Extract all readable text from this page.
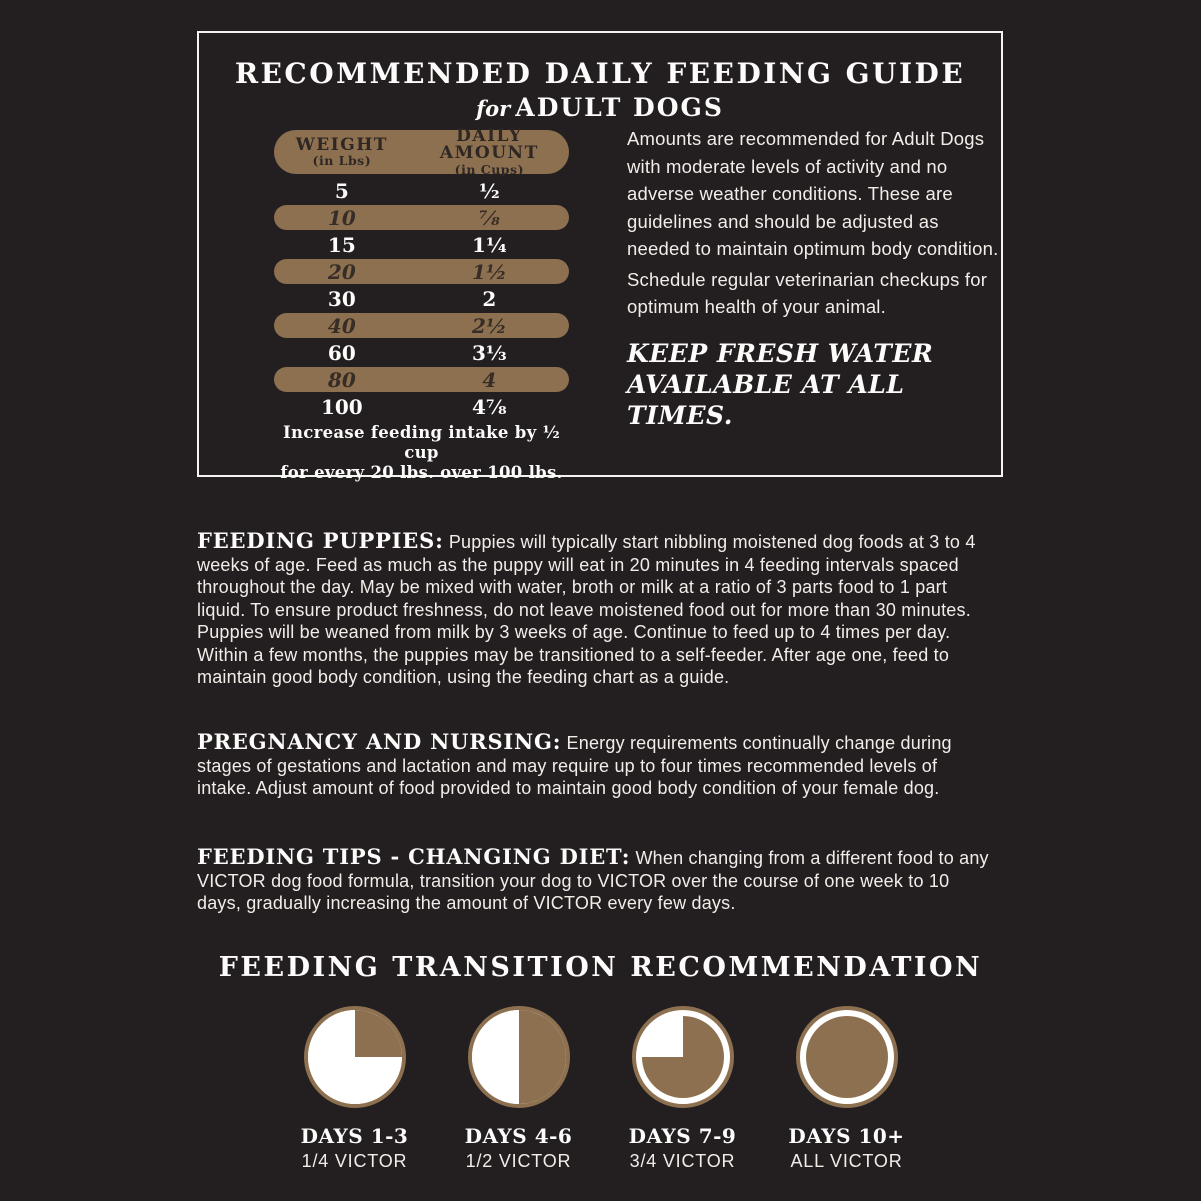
RECOMMENDED DAILY FEEDING GUIDE
for ADULT DOGS
WEIGHT
(in Lbs)
DAILY AMOUNT
(in Cups)
5	½
10	⅞
15	1¼
20	1½
30	2
40	2½
60	3⅓
80	4
100	4⅞
Increase feeding intake by ½ cup
for every 20 lbs. over 100 lbs.

Amounts are recommended for Adult Dogs with moderate levels of activity and no adverse weather conditions. These are guidelines and should be adjusted as needed to maintain optimum body condition.

Schedule regular veterinarian checkups for optimum health of your animal.

KEEP FRESH WATER
AVAILABLE AT ALL TIMES.

FEEDING PUPPIES: Puppies will typically start nibbling moistened dog foods at 3 to 4 weeks of age. Feed as much as the puppy will eat in 20 minutes in 4 feeding intervals spaced throughout the day. May be mixed with water, broth or milk at a ratio of 3 parts food to 1 part liquid. To ensure product freshness, do not leave moistened food out for more than 30 minutes. Puppies will be weaned from milk by 3 weeks of age. Continue to feed up to 4 times per day. Within a few months, the puppies may be transitioned to a self-feeder. After age one, feed to maintain good body condition, using the feeding chart as a guide.

PREGNANCY AND NURSING: Energy requirements continually change during stages of gestations and lactation and may require up to four times recommended levels of intake. Adjust amount of food provided to maintain good body condition of your female dog.

FEEDING TIPS - CHANGING DIET: When changing from a different food to any VICTOR dog food formula, transition your dog to VICTOR over the course of one week to 10 days, gradually increasing the amount of VICTOR every few days.

FEEDING TRANSITION RECOMMENDATION
DAYS 1-3
1/4 VICTOR
DAYS 4-6
1/2 VICTOR
DAYS 7-9
3/4 VICTOR
DAYS 10+
ALL VICTOR
